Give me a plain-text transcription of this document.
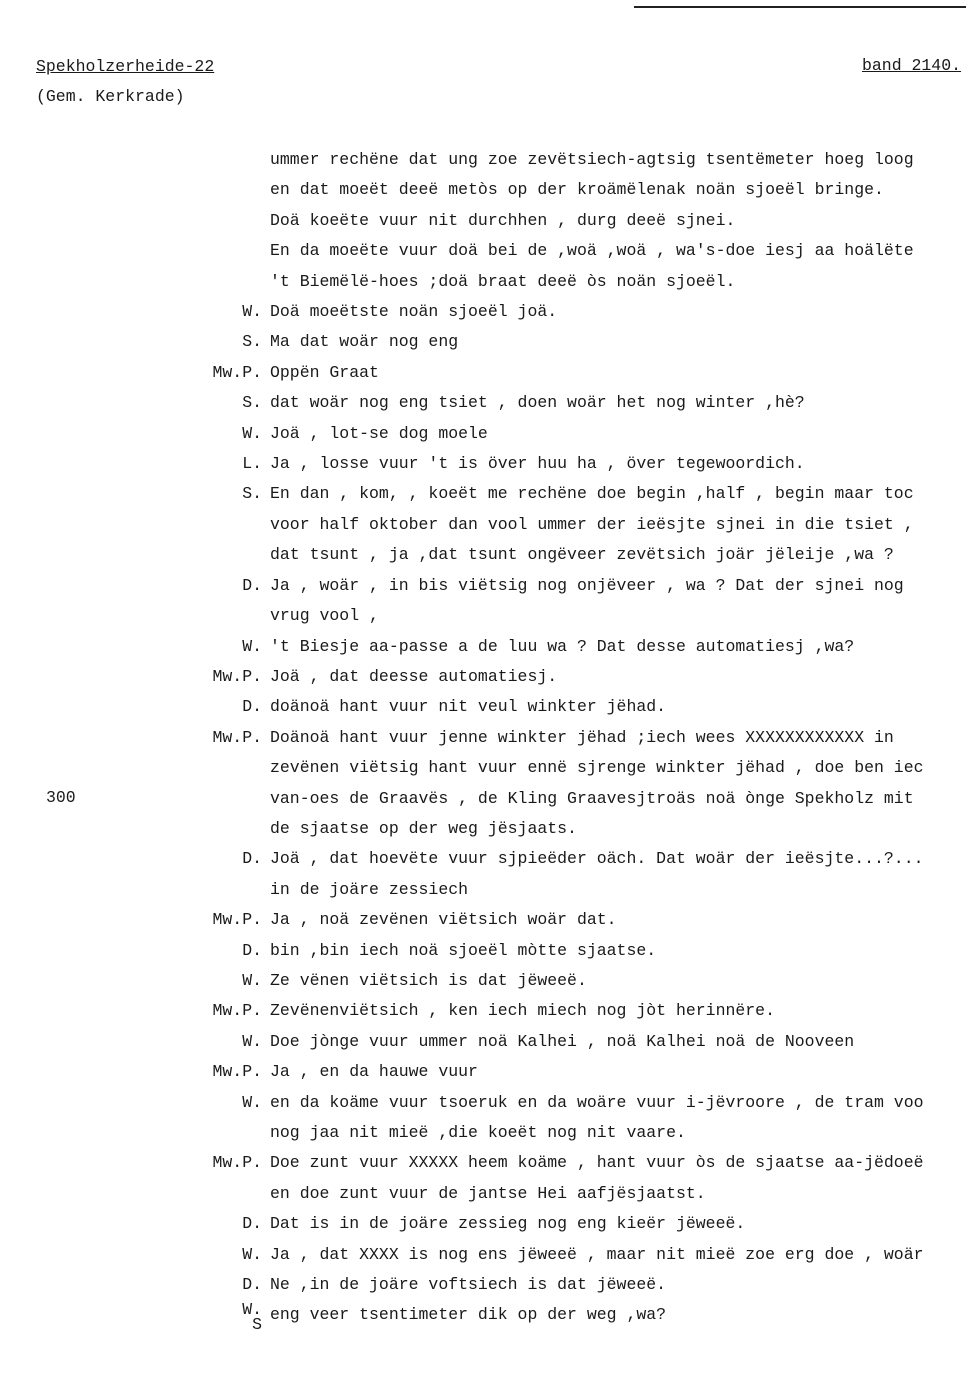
Spekholzerheide-22
(Gem. Kerkrade)
band 2140.
300
ummer rechëne dat ung zoe zevëtsiech-agtsig tsentëmeter hoeg loog
en dat moeët deeë metòs op der kroämëlenak noän sjoeël bringe.
Doä koeëte vuur nit durchhen , durg deeë sjnei.
En da moeëte vuur doä bei de ,woä ,woä , wa's-doe iesj aa hoälëte
't Biemëlë-hoes ;doä braat deeë òs noän sjoeël.
W. Doä moeëtste noän sjoeël joä.
S. Ma dat woär nog eng
Mw.P. Oppën Graat
S. dat woär nog eng tsiet , doen woär het nog winter ,hè?
W. Joä , lot-se dog moele
L. Ja , losse vuur 't is över huu ha , över tegewoordich.
S. En dan , kom, , koeët me rechëne doe begin ,half , begin maar toc
voor half oktober dan vool ummer der ieësjte sjnei in die tsiet ,
dat tsunt , ja ,dat tsunt ongëveer zevëtsich joär jëleije ,wa ?
D. Ja , woär , in bis viëtsig nog onjëveer , wa ? Dat der sjnei nog
vrug vool ,
W. 't Biesje aa-passe a de luu wa ? Dat desse automatiesj ,wa?
Mw.P. Joä , dat deesse automatiesj.
D. doänoä hant vuur nit veul winkter jëhad.
Mw.P. Doänoä hant vuur jenne winkter jëhad ;iech wees XXXXXXXXXXXX in
zevënen viëtsig hant vuur ennë sjrenge winkter jëhad , doe ben iec
van-oes de Graavës , de Kling Graavesjtroäs noä ònge Spekholz mit
de sjaatse op der weg jësjaats.
D. Joä , dat hoevëte vuur sjpieëder oäch. Dat woär der ieësjte...?...
in de joäre zessiech
Mw.P. Ja , noä zevënen viëtsich woär dat.
D. bin ,bin iech noä sjoeël mòtte sjaatse.
W. Ze vënen viëtsich is dat jëweeë.
Mw.P. Zevënenviëtsich , ken iech miech nog jòt herinnëre.
W. Doe jònge vuur ummer noä Kalhei , noä Kalhei noä de Nooveen
Mw.P. Ja , en da hauwe vuur
W. en da koäme vuur tsoeruk en da woäre vuur i-jëvroore , de tram voo
nog jaa nit mieë ,die koeët nog nit vaare.
Mw.P. Doe zunt vuur XXXXX heem koäme , hant vuur òs de sjaatse aa-jëdoeë
en doe zunt vuur de jantse Hei aafjësjaatst.
D. Dat is in de joäre zessieg nog eng kieër jëweeë.
W. Ja , dat XXXX is nog ens jëweeë , maar nit mieë zoe erg doe , woär
D. Ne ,in de joäre voftsiech is dat jëweeë.
W.
S
eng veer tsentimeter dik op der weg ,wa?
